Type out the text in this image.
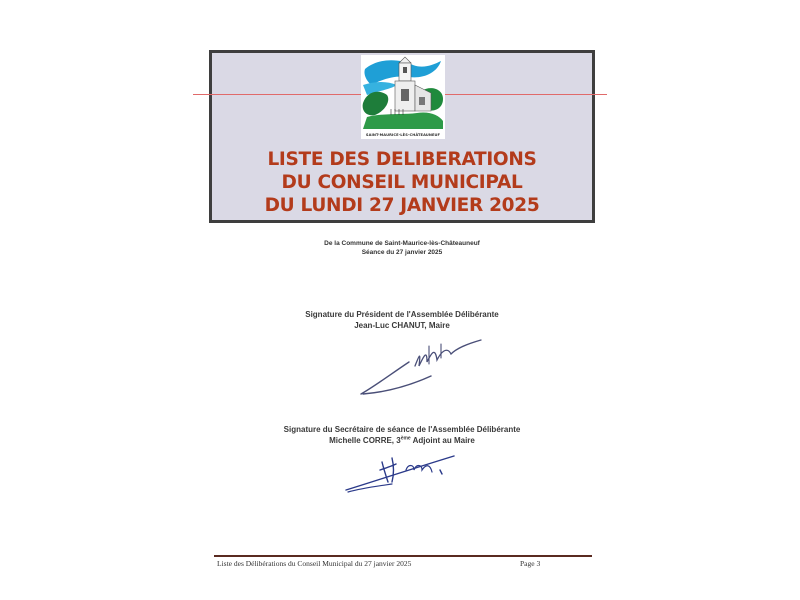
SAINT-MAURICE-LÈS-CHÂTEAUNEUF
LISTE DES DELIBERATIONS
DU CONSEIL MUNICIPAL
DU LUNDI 27 JANVIER 2025
De la Commune de Saint-Maurice-lès-Châteauneuf
Séance du 27 janvier 2025
Signature du Président de l'Assemblée Délibérante
Jean-Luc CHANUT, Maire
Signature du Secrétaire de séance de l'Assemblée Délibérante
Michelle CORRE, 3ème Adjoint au Maire
Liste des Délibérations du Conseil Municipal du 27 janvier 2025	Page 3
